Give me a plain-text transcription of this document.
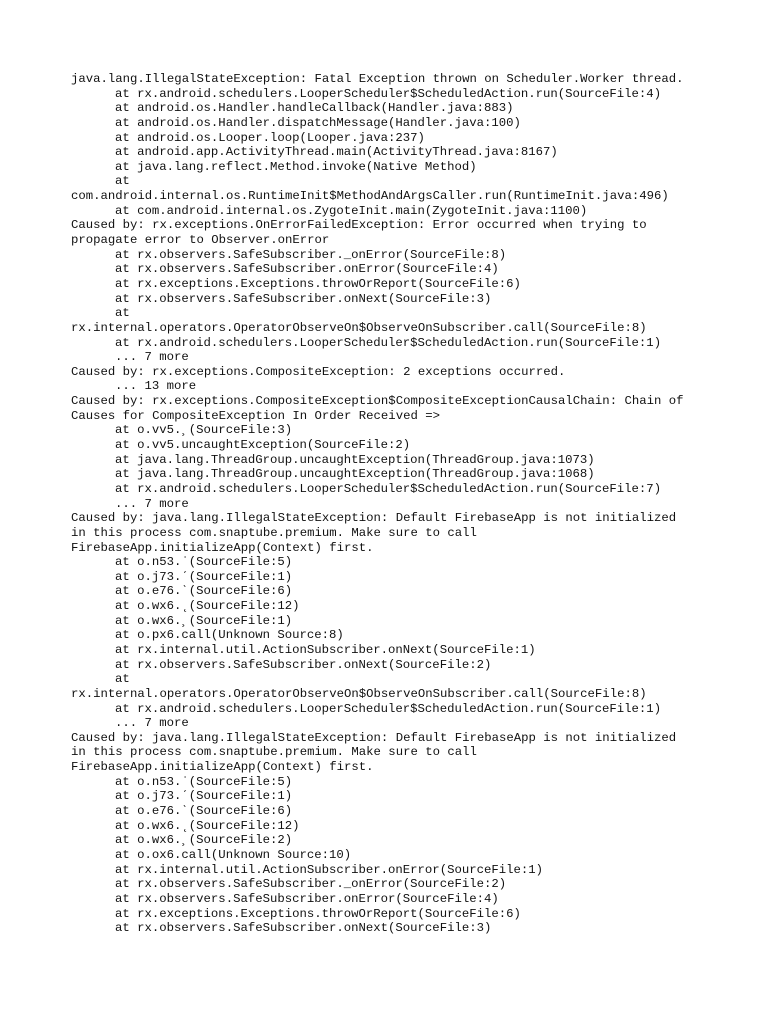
java.lang.IllegalStateException: Fatal Exception thrown on Scheduler.Worker thread.
at rx.android.schedulers.LooperScheduler$ScheduledAction.run(SourceFile:4)
at android.os.Handler.handleCallback(Handler.java:883)
at android.os.Handler.dispatchMessage(Handler.java:100)
at android.os.Looper.loop(Looper.java:237)
at android.app.ActivityThread.main(ActivityThread.java:8167)
at java.lang.reflect.Method.invoke(Native Method)
at
com.android.internal.os.RuntimeInit$MethodAndArgsCaller.run(RuntimeInit.java:496)
at com.android.internal.os.ZygoteInit.main(ZygoteInit.java:1100)
Caused by: rx.exceptions.OnErrorFailedException: Error occurred when trying to
propagate error to Observer.onError
at rx.observers.SafeSubscriber._onError(SourceFile:8)
at rx.observers.SafeSubscriber.onError(SourceFile:4)
at rx.exceptions.Exceptions.throwOrReport(SourceFile:6)
at rx.observers.SafeSubscriber.onNext(SourceFile:3)
at
rx.internal.operators.OperatorObserveOn$ObserveOnSubscriber.call(SourceFile:8)
at rx.android.schedulers.LooperScheduler$ScheduledAction.run(SourceFile:1)
... 7 more
Caused by: rx.exceptions.CompositeException: 2 exceptions occurred.
... 13 more
Caused by: rx.exceptions.CompositeException$CompositeExceptionCausalChain: Chain of
Causes for CompositeException In Order Received =>
at o.vv5.¸(SourceFile:3)
at o.vv5.uncaughtException(SourceFile:2)
at java.lang.ThreadGroup.uncaughtException(ThreadGroup.java:1073)
at java.lang.ThreadGroup.uncaughtException(ThreadGroup.java:1068)
at rx.android.schedulers.LooperScheduler$ScheduledAction.run(SourceFile:7)
... 7 more
Caused by: java.lang.IllegalStateException: Default FirebaseApp is not initialized
in this process com.snaptube.premium. Make sure to call
FirebaseApp.initializeApp(Context) first.
at o.n53.ˈ(SourceFile:5)
at o.j73.ˊ(SourceFile:1)
at o.e76.ˋ(SourceFile:6)
at o.wx6.˛(SourceFile:12)
at o.wx6.¸(SourceFile:1)
at o.px6.call(Unknown Source:8)
at rx.internal.util.ActionSubscriber.onNext(SourceFile:1)
at rx.observers.SafeSubscriber.onNext(SourceFile:2)
at
rx.internal.operators.OperatorObserveOn$ObserveOnSubscriber.call(SourceFile:8)
at rx.android.schedulers.LooperScheduler$ScheduledAction.run(SourceFile:1)
... 7 more
Caused by: java.lang.IllegalStateException: Default FirebaseApp is not initialized
in this process com.snaptube.premium. Make sure to call
FirebaseApp.initializeApp(Context) first.
at o.n53.ˈ(SourceFile:5)
at o.j73.ˊ(SourceFile:1)
at o.e76.ˋ(SourceFile:6)
at o.wx6.˛(SourceFile:12)
at o.wx6.¸(SourceFile:2)
at o.ox6.call(Unknown Source:10)
at rx.internal.util.ActionSubscriber.onError(SourceFile:1)
at rx.observers.SafeSubscriber._onError(SourceFile:2)
at rx.observers.SafeSubscriber.onError(SourceFile:4)
at rx.exceptions.Exceptions.throwOrReport(SourceFile:6)
at rx.observers.SafeSubscriber.onNext(SourceFile:3)
